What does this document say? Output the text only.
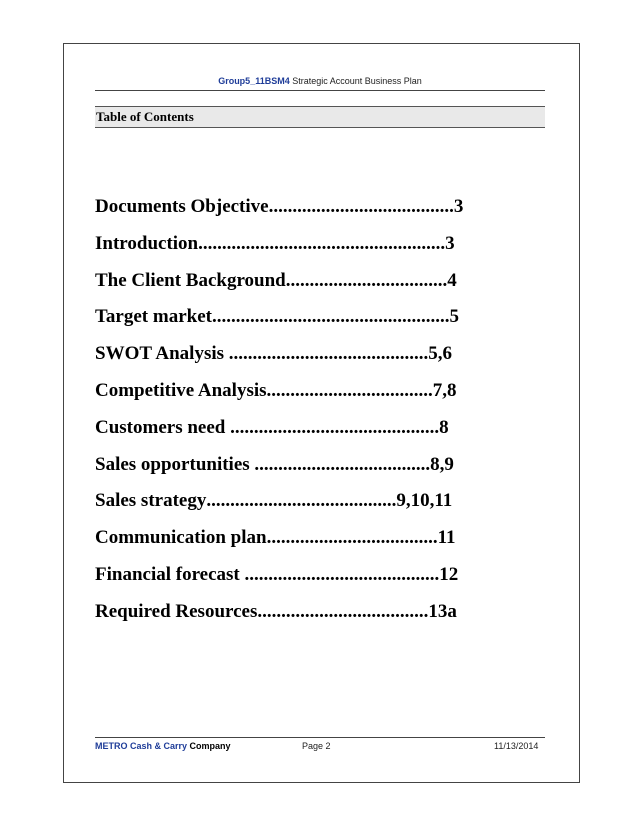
Group5_11BSM4 Strategic Account Business Plan
Table of Contents
Documents Objective.......................................3
Introduction....................................................3
The Client Background..................................4
Target market..................................................5
SWOT Analysis ..........................................5,6
Competitive Analysis...................................7,8
Customers need ............................................8
Sales opportunities .....................................8,9
Sales strategy........................................9,10,11
Communication plan....................................11
Financial forecast .........................................12
Required Resources....................................13a
METRO Cash & Carry Company	Page 2	11/13/2014
